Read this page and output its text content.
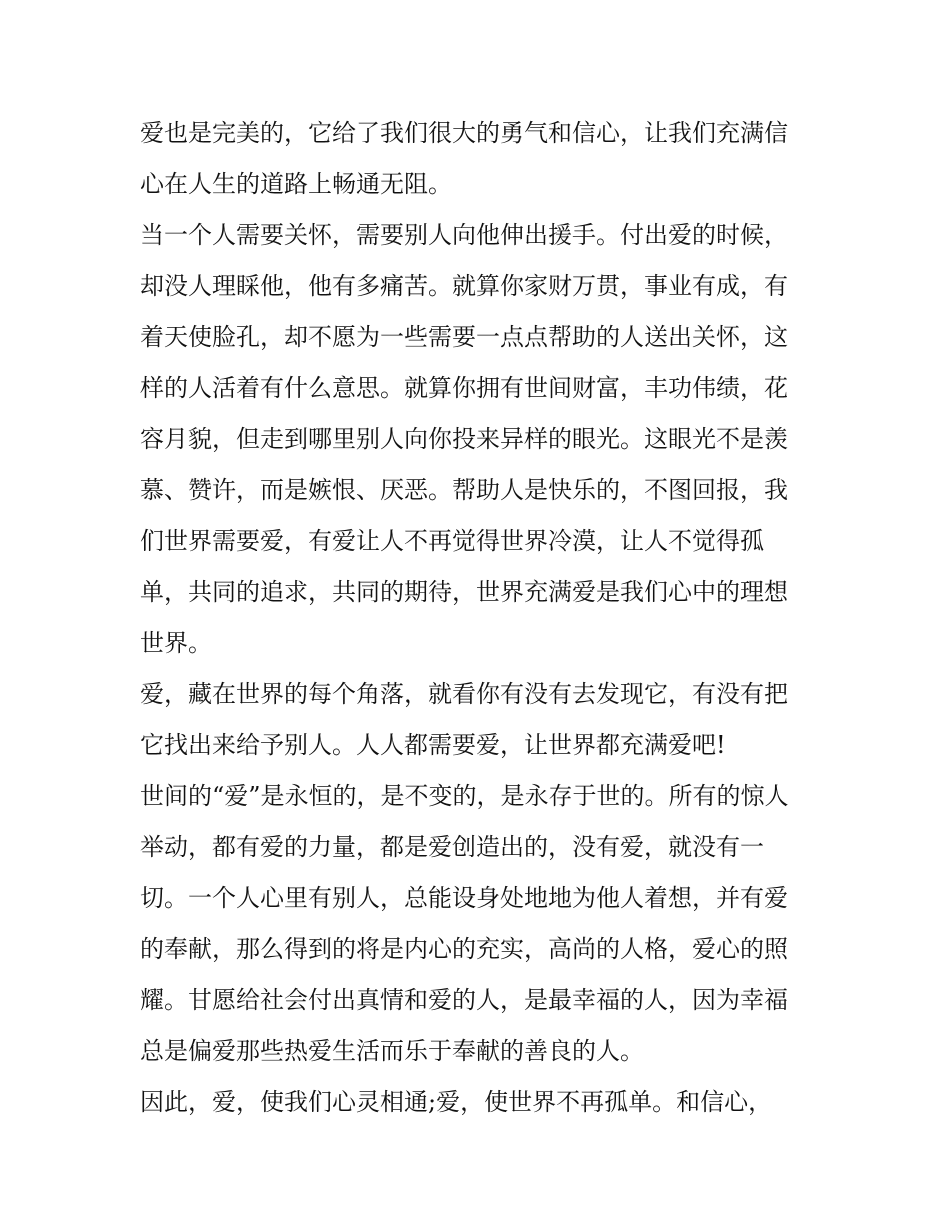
爱也是完美的，它给了我们很大的勇气和信心，让我们充满信
心在人生的道路上畅通无阻。
当一个人需要关怀，需要别人向他伸出援手。付出爱的时候，
却没人理睬他，他有多痛苦。就算你家财万贯，事业有成，有
着天使脸孔，却不愿为一些需要一点点帮助的人送出关怀，这
样的人活着有什么意思。就算你拥有世间财富，丰功伟绩，花
容月貌，但走到哪里别人向你投来异样的眼光。这眼光不是羡
慕、赞许，而是嫉恨、厌恶。帮助人是快乐的，不图回报，我
们世界需要爱，有爱让人不再觉得世界冷漠，让人不觉得孤
单，共同的追求，共同的期待，世界充满爱是我们心中的理想
世界。
爱，藏在世界的每个角落，就看你有没有去发现它，有没有把
它找出来给予别人。人人都需要爱，让世界都充满爱吧!
世间的“爱”是永恒的，是不变的，是永存于世的。所有的惊人
举动，都有爱的力量，都是爱创造出的，没有爱，就没有一
切。一个人心里有别人，总能设身处地地为他人着想，并有爱
的奉献，那么得到的将是内心的充实，高尚的人格，爱心的照
耀。甘愿给社会付出真情和爱的人，是最幸福的人，因为幸福
总是偏爱那些热爱生活而乐于奉献的善良的人。
因此，爱，使我们心灵相通;爱，使世界不再孤单。和信心，
